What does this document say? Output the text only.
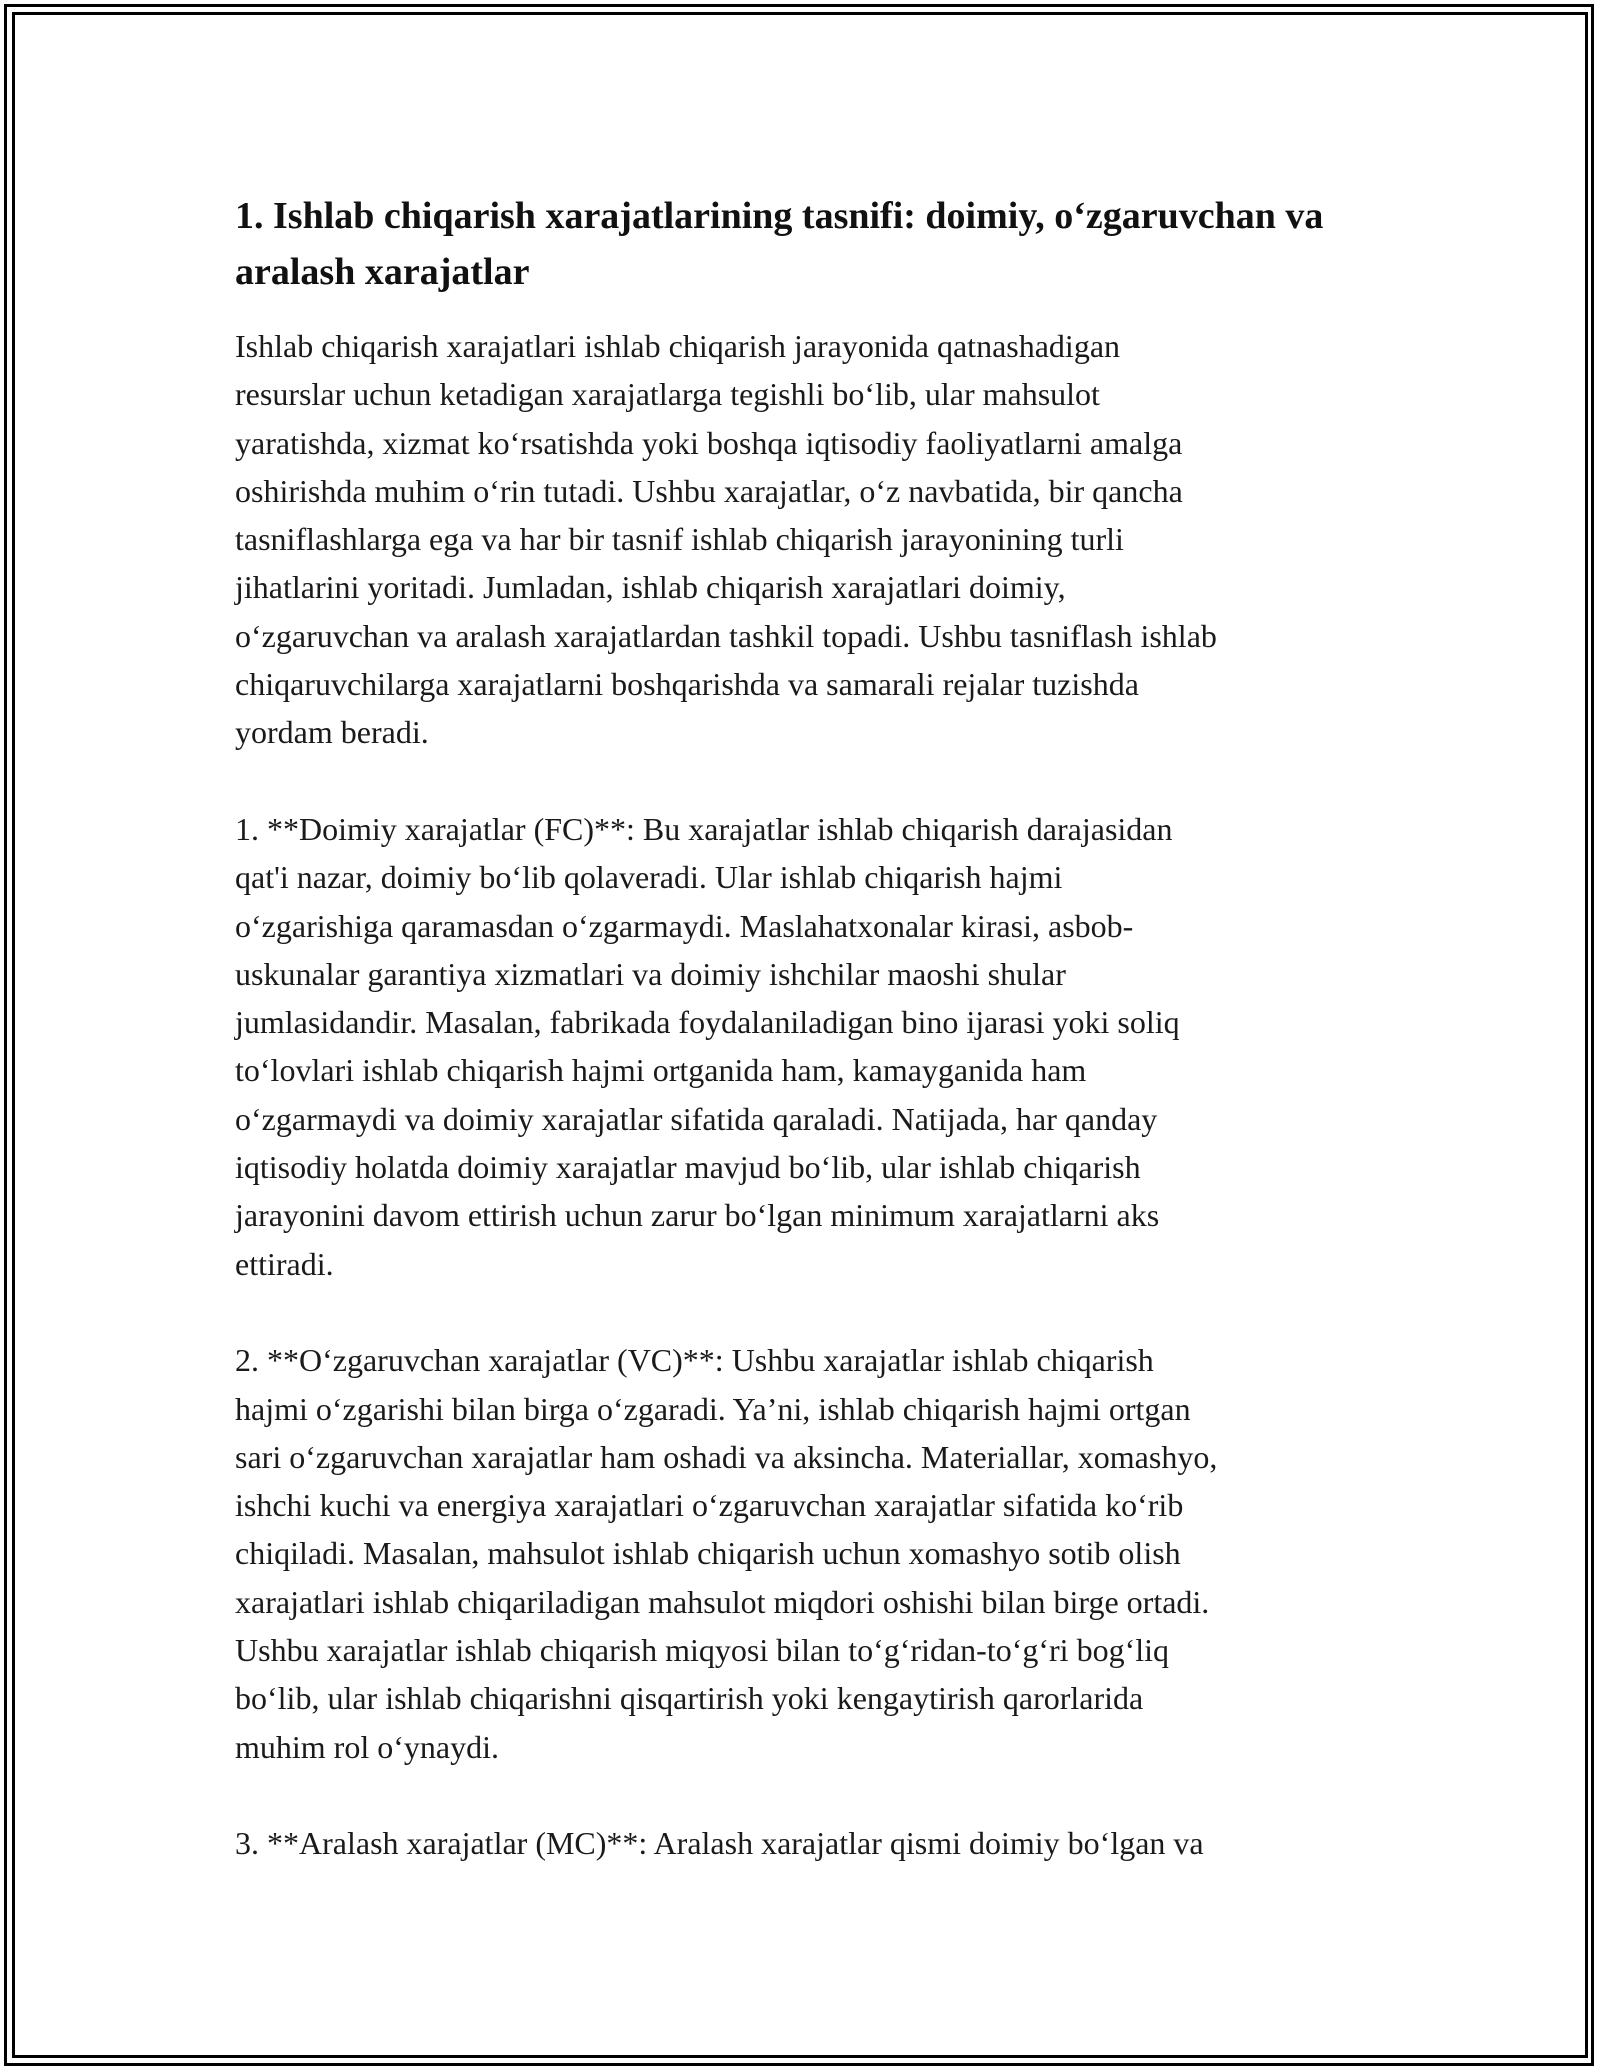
1. Ishlab chiqarish xarajatlarining tasnifi: doimiy, o‘zgaruvchan va aralash xarajatlar

Ishlab chiqarish xarajatlari ishlab chiqarish jarayonida qatnashadigan
resurslar uchun ketadigan xarajatlarga tegishli bo‘lib, ular mahsulot
yaratishda, xizmat ko‘rsatishda yoki boshqa iqtisodiy faoliyatlarni amalga
oshirishda muhim o‘rin tutadi. Ushbu xarajatlar, o‘z navbatida, bir qancha
tasniflashlarga ega va har bir tasnif ishlab chiqarish jarayonining turli
jihatlarini yoritadi. Jumladan, ishlab chiqarish xarajatlari doimiy,
o‘zgaruvchan va aralash xarajatlardan tashkil topadi. Ushbu tasniflash ishlab
chiqaruvchilarga xarajatlarni boshqarishda va samarali rejalar tuzishda
yordam beradi.

1. **Doimiy xarajatlar (FC)**: Bu xarajatlar ishlab chiqarish darajasidan
qat'i nazar, doimiy bo‘lib qolaveradi. Ular ishlab chiqarish hajmi
o‘zgarishiga qaramasdan o‘zgarmaydi. Maslahatxonalar kirasi, asbob-
uskunalar garantiya xizmatlari va doimiy ishchilar maoshi shular
jumlasidandir. Masalan, fabrikada foydalaniladigan bino ijarasi yoki soliq
to‘lovlari ishlab chiqarish hajmi ortganida ham, kamayganida ham
o‘zgarmaydi va doimiy xarajatlar sifatida qaraladi. Natijada, har qanday
iqtisodiy holatda doimiy xarajatlar mavjud bo‘lib, ular ishlab chiqarish
jarayonini davom ettirish uchun zarur bo‘lgan minimum xarajatlarni aks
ettiradi.

2. **O‘zgaruvchan xarajatlar (VC)**: Ushbu xarajatlar ishlab chiqarish
hajmi o‘zgarishi bilan birga o‘zgaradi. Ya’ni, ishlab chiqarish hajmi ortgan
sari o‘zgaruvchan xarajatlar ham oshadi va aksincha. Materiallar, xomashyo,
ishchi kuchi va energiya xarajatlari o‘zgaruvchan xarajatlar sifatida ko‘rib
chiqiladi. Masalan, mahsulot ishlab chiqarish uchun xomashyo sotib olish
xarajatlari ishlab chiqariladigan mahsulot miqdori oshishi bilan birge ortadi.
Ushbu xarajatlar ishlab chiqarish miqyosi bilan to‘g‘ridan-to‘g‘ri bog‘liq
bo‘lib, ular ishlab chiqarishni qisqartirish yoki kengaytirish qarorlarida
muhim rol o‘ynaydi.

3. **Aralash xarajatlar (MC)**: Aralash xarajatlar qismi doimiy bo‘lgan va
